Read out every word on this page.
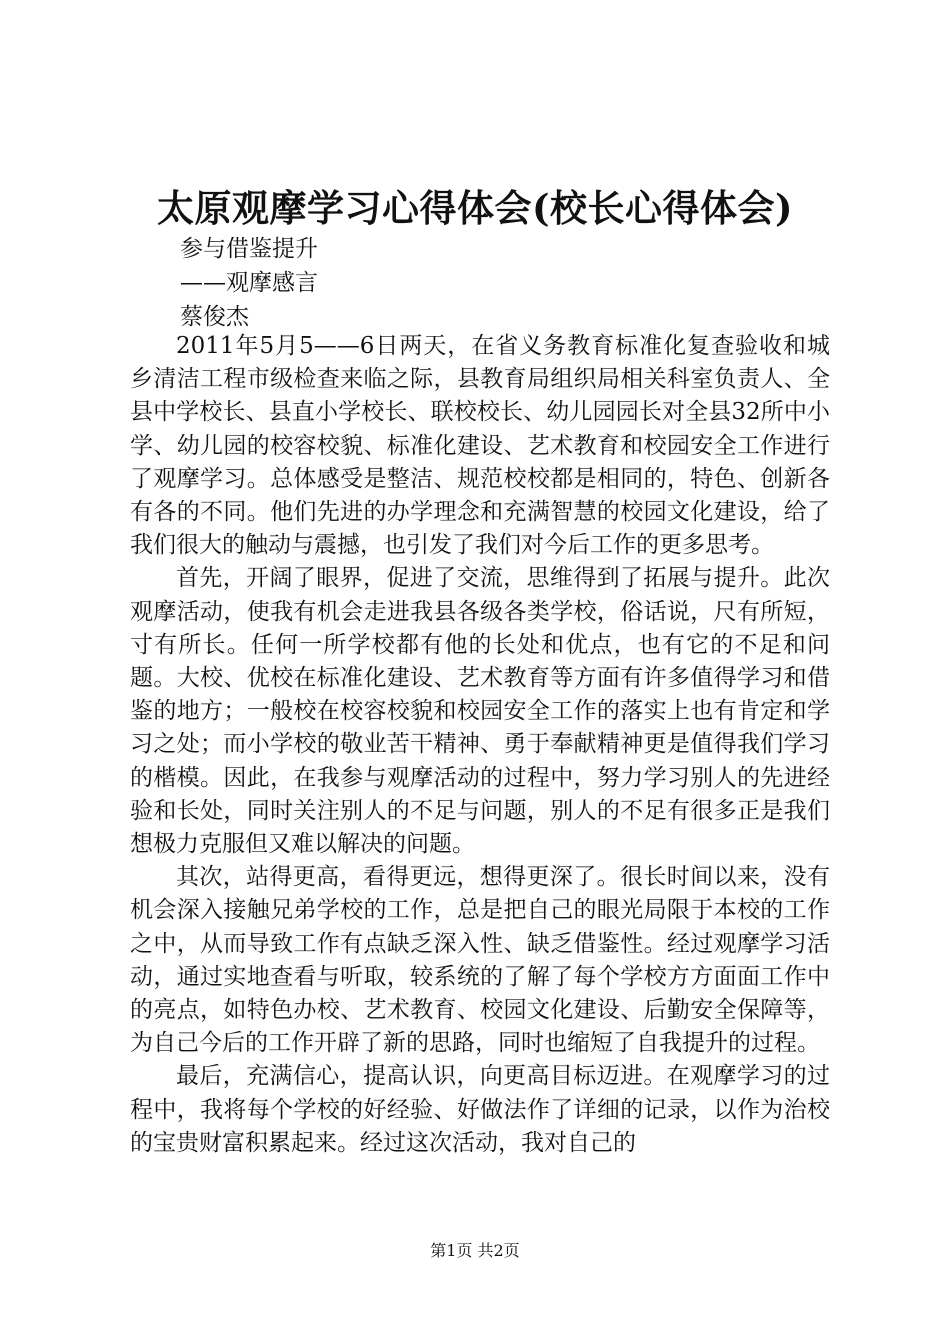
太原观摩学习心得体会(校长心得体会)
参与借鉴提升
——观摩感言
蔡俊杰

2011年5月5——6日两天，在省义务教育标准化复查验收和城乡清洁工程市级检查来临之际，县教育局组织局相关科室负责人、全县中学校长、县直小学校长、联校校长、幼儿园园长对全县32所中小学、幼儿园的校容校貌、标准化建设、艺术教育和校园安全工作进行了观摩学习。总体感受是整洁、规范校校都是相同的，特色、创新各有各的不同。他们先进的办学理念和充满智慧的校园文化建设，给了我们很大的触动与震撼，也引发了我们对今后工作的更多思考。

首先，开阔了眼界，促进了交流，思维得到了拓展与提升。此次观摩活动，使我有机会走进我县各级各类学校，俗话说，尺有所短，寸有所长。任何一所学校都有他的长处和优点，也有它的不足和问题。大校、优校在标准化建设、艺术教育等方面有许多值得学习和借鉴的地方；一般校在校容校貌和校园安全工作的落实上也有肯定和学习之处；而小学校的敬业苦干精神、勇于奉献精神更是值得我们学习的楷模。因此，在我参与观摩活动的过程中，努力学习别人的先进经验和长处，同时关注别人的不足与问题，别人的不足有很多正是我们想极力克服但又难以解决的问题。

其次，站得更高，看得更远，想得更深了。很长时间以来，没有机会深入接触兄弟学校的工作，总是把自己的眼光局限于本校的工作之中，从而导致工作有点缺乏深入性、缺乏借鉴性。经过观摩学习活动，通过实地查看与听取，较系统的了解了每个学校方方面面工作中的亮点，如特色办校、艺术教育、校园文化建设、后勤安全保障等，为自己今后的工作开辟了新的思路，同时也缩短了自我提升的过程。

最后，充满信心，提高认识，向更高目标迈进。在观摩学习的过程中，我将每个学校的好经验、好做法作了详细的记录，以作为治校的宝贵财富积累起来。经过这次活动，我对自己的

第1页 共2页
